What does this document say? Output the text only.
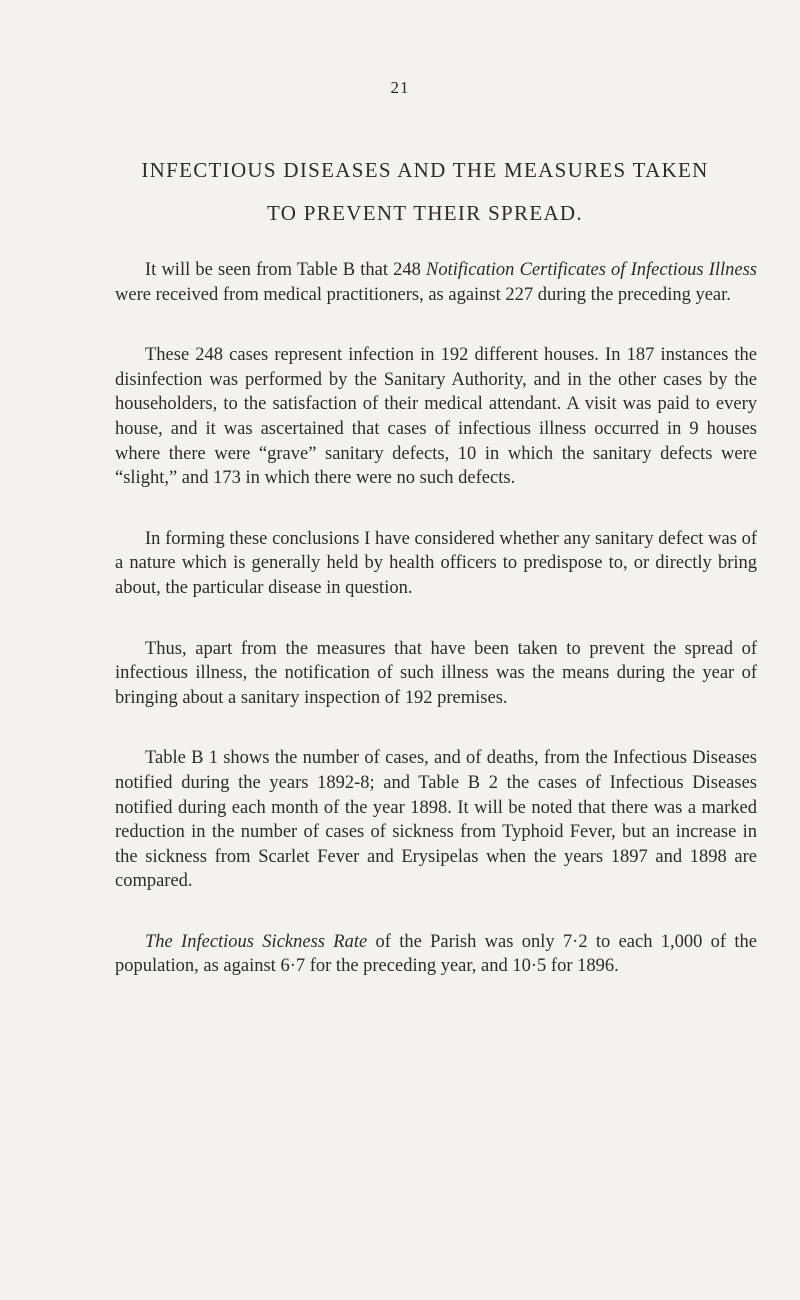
21
INFECTIOUS DISEASES AND THE MEASURES TAKEN
TO PREVENT THEIR SPREAD.

It will be seen from Table B that 248 Notification Certificates of Infectious Illness were received from medical practitioners, as against 227 during the preceding year.

These 248 cases represent infection in 192 different houses. In 187 instances the disinfection was performed by the Sanitary Authority, and in the other cases by the householders, to the satisfaction of their medical attendant. A visit was paid to every house, and it was ascertained that cases of infectious illness occurred in 9 houses where there were “grave” sanitary defects, 10 in which the sanitary defects were “slight,” and 173 in which there were no such defects.

In forming these conclusions I have considered whether any sanitary defect was of a nature which is generally held by health officers to predispose to, or directly bring about, the particular disease in question.

Thus, apart from the measures that have been taken to prevent the spread of infectious illness, the notification of such illness was the means during the year of bringing about a sanitary inspection of 192 premises.

Table B 1 shows the number of cases, and of deaths, from the Infectious Diseases notified during the years 1892-8; and Table B 2 the cases of Infectious Diseases notified during each month of the year 1898. It will be noted that there was a marked reduction in the number of cases of sickness from Typhoid Fever, but an increase in the sickness from Scarlet Fever and Erysipelas when the years 1897 and 1898 are compared.

The Infectious Sickness Rate of the Parish was only 7·2 to each 1,000 of the population, as against 6·7 for the preceding year, and 10·5 for 1896.
